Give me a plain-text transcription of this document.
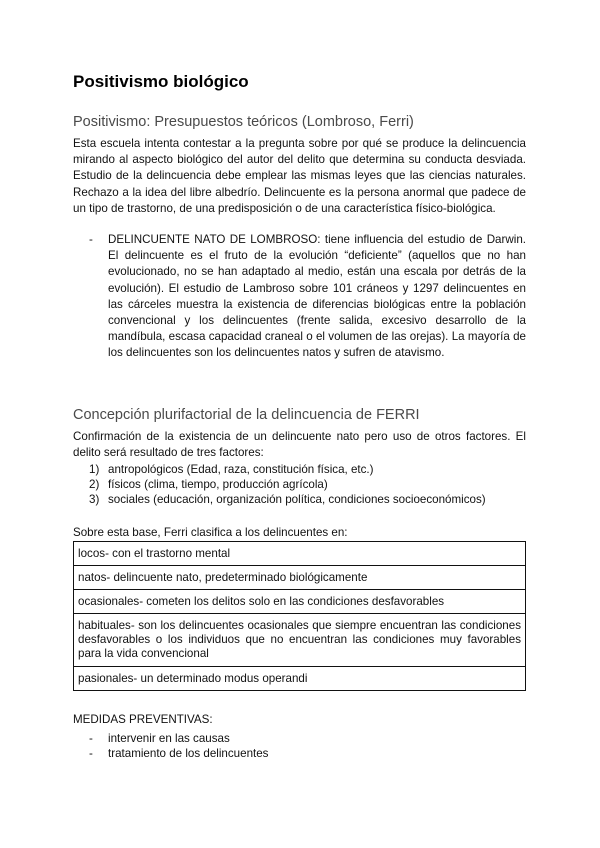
Positivismo biológico
Positivismo: Presupuestos teóricos (Lombroso, Ferri)

Esta escuela intenta contestar a la pregunta sobre por qué se produce la delincuencia mirando al aspecto biológico del autor del delito que determina su conducta desviada. Estudio de la delincuencia debe emplear las mismas leyes que las ciencias naturales. Rechazo a la idea del libre albedrío. Delincuente es la persona anormal que padece de un tipo de trastorno, de una predisposición o de una característica físico-biológica.

- DELINCUENTE NATO DE LOMBROSO: tiene influencia del estudio de Darwin. El delincuente es el fruto de la evolución “deficiente” (aquellos que no han evolucionado, no se han adaptado al medio, están una escala por detrás de la evolución). El estudio de Lambroso sobre 101 cráneos y 1297 delincuentes en las cárceles muestra la existencia de diferencias biológicas entre la población convencional y los delincuentes (frente salida, excesivo desarrollo de la mandíbula, escasa capacidad craneal o el volumen de las orejas). La mayoría de los delincuentes son los delincuentes natos y sufren de atavismo.
Concepción plurifactorial de la delincuencia de FERRI

Confirmación de la existencia de un delincuente nato pero uso de otros factores. El delito será resultado de tres factores:

1) antropológicos (Edad, raza, constitución física, etc.)
2) físicos (clima, tiempo, producción agrícola)
3) sociales (educación, organización política, condiciones socioeconómicos)

Sobre esta base, Ferri clasifica a los delincuentes en:

locos- con el trastorno mental
natos- delincuente nato, predeterminado biológicamente
ocasionales- cometen los delitos solo en las condiciones desfavorables
habituales- son los delincuentes ocasionales que siempre encuentran las condiciones desfavorables o los individuos que no encuentran las condiciones muy favorables para la vida convencional
pasionales- un determinado modus operandi

MEDIDAS PREVENTIVAS:

- intervenir en las causas
- tratamiento de los delincuentes
